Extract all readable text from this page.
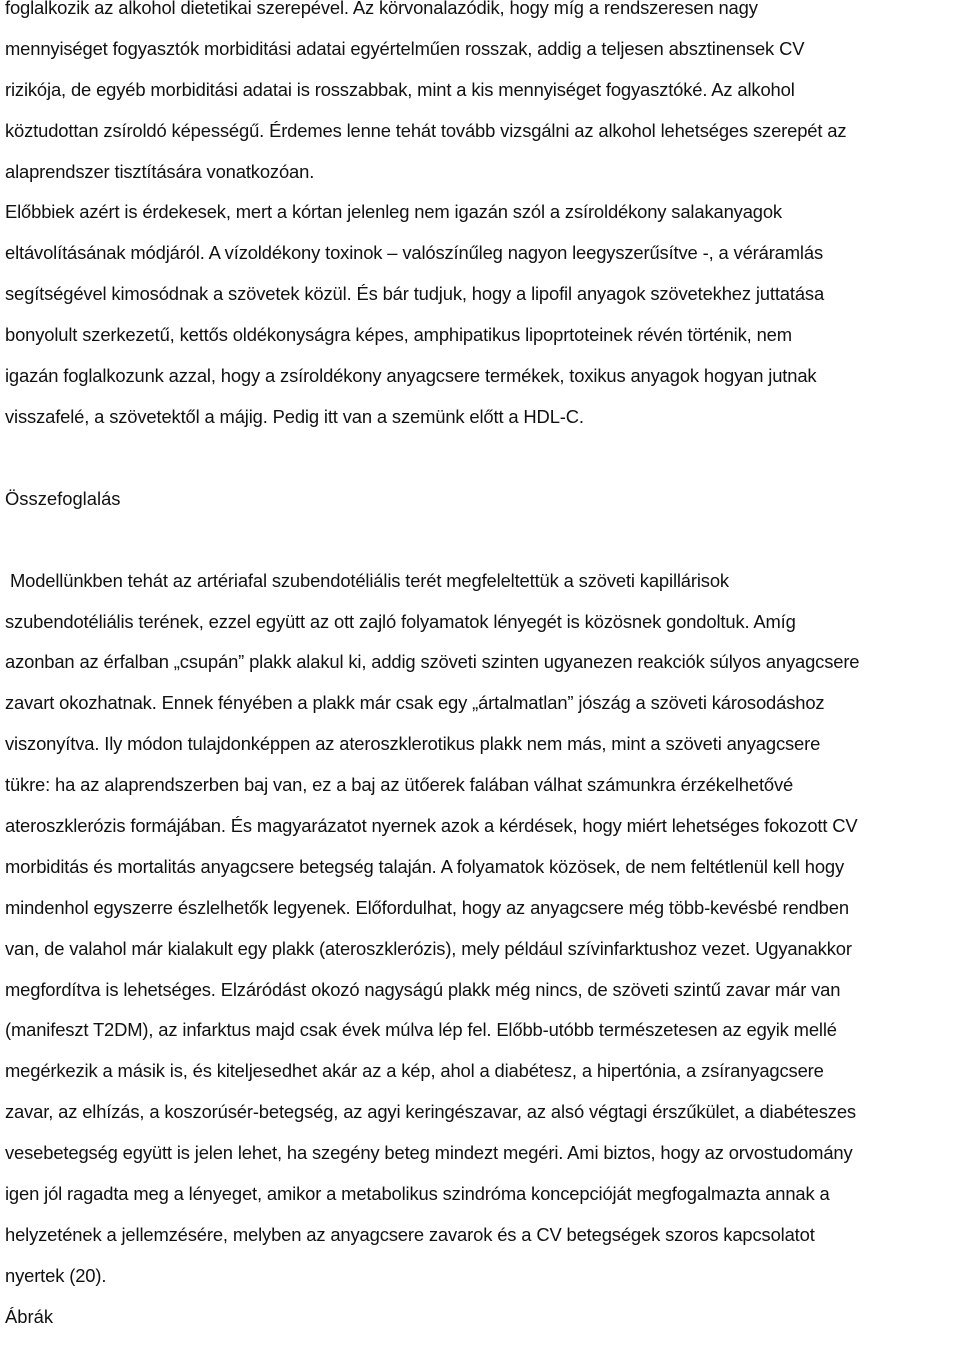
foglalkozik az alkohol dietetikai szerepével. Az körvonalazódik, hogy míg a rendszeresen nagy
mennyiséget fogyasztók morbiditási adatai egyértelműen rosszak, addig a teljesen absztinensek CV
rizikója, de egyéb morbiditási adatai is rosszabbak, mint a kis mennyiséget fogyasztóké. Az alkohol
köztudottan zsíroldó képességű. Érdemes lenne tehát tovább vizsgálni az alkohol lehetséges szerepét az
alaprendszer tisztítására vonatkozóan.
Előbbiek azért is érdekesek, mert a kórtan jelenleg nem igazán szól a zsíroldékony salakanyagok
eltávolításának módjáról. A vízoldékony toxinok – valószínűleg nagyon leegyszerűsítve -, a véráramlás
segítségével kimosódnak a szövetek közül. És bár tudjuk, hogy a lipofil anyagok szövetekhez juttatása
bonyolult szerkezetű, kettős oldékonyságra képes, amphipatikus lipoprtoteinek révén történik, nem
igazán foglalkozunk azzal, hogy a zsíroldékony anyagcsere termékek, toxikus anyagok hogyan jutnak
visszafelé, a szövetektől a májig. Pedig itt van a szemünk előtt a HDL-C.
Összefoglalás
Modellünkben tehát az artériafal szubendotéliális terét megfeleltettük a szöveti kapillárisok
szubendotéliális terének, ezzel együtt az ott zajló folyamatok lényegét is közösnek gondoltuk. Amíg
azonban az érfalban „csupán” plakk alakul ki, addig szöveti szinten ugyanezen reakciók súlyos anyagcsere
zavart okozhatnak. Ennek fényében a plakk már csak egy „ártalmatlan” jószág a szöveti károsodáshoz
viszonyítva. Ily módon tulajdonképpen az ateroszklerotikus plakk nem más, mint a szöveti anyagcsere
tükre: ha az alaprendszerben baj van, ez a baj az ütőerek falában válhat számunkra érzékelhetővé
ateroszklerózis formájában. És magyarázatot nyernek azok a kérdések, hogy miért lehetséges fokozott CV
morbiditás és mortalitás anyagcsere betegség talaján. A folyamatok közösek, de nem feltétlenül kell hogy
mindenhol egyszerre észlelhetők legyenek. Előfordulhat, hogy az anyagcsere még több-kevésbé rendben
van, de valahol már kialakult egy plakk (ateroszklerózis), mely például szívinfarktushoz vezet. Ugyanakkor
megfordítva is lehetséges. Elzáródást okozó nagyságú plakk még nincs, de szöveti szintű zavar már van
(manifeszt T2DM), az infarktus majd csak évek múlva lép fel. Előbb-utóbb természetesen az egyik mellé
megérkezik a másik is, és kiteljesedhet akár az a kép, ahol a diabétesz, a hipertónia, a zsíranyagcsere
zavar, az elhízás, a koszorúsér-betegség, az agyi keringészavar, az alsó végtagi érszűkület, a diabéteszes
vesebetegség együtt is jelen lehet, ha szegény beteg mindezt megéri. Ami biztos, hogy az orvostudomány
igen jól ragadta meg a lényeget, amikor a metabolikus szindróma koncepcióját megfogalmazta annak a
helyzetének a jellemzésére, melyben az anyagcsere zavarok és a CV betegségek szoros kapcsolatot
nyertek (20).
Ábrák
